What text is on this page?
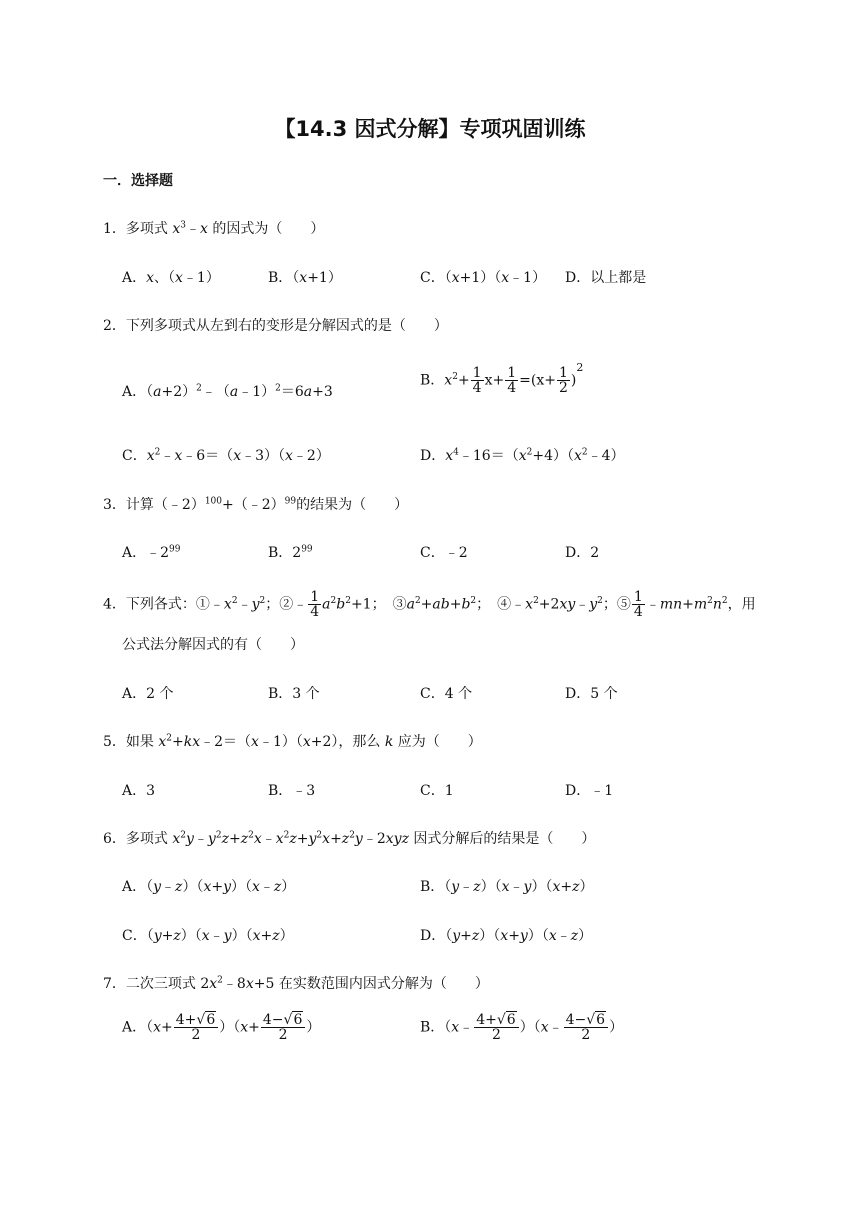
【14.3 因式分解】专项巩固训练
一．选择题
1．多项式 $x^3﹣x$ 的因式为（　　）
A．x、（x﹣1）	B．（x+1）	C．（x+1）（x﹣1） D．以上都是
2．下列多项式从左到右的变形是分解因式的是（　　）
A．$(a+2)^2﹣(a﹣1)^2=6a+3$
B．$x^2+ \frac{1}{4} x+ \frac{1}{4} =(x+ \frac{1}{2} )^2$
C．$x^2﹣x﹣6=(x﹣3)(x﹣2)$	D．$x^4﹣16=(x^2+4)(x^2﹣4)$
3．计算（﹣2）$^{100}$+（﹣2）$^{99}$的结果为（　　）
A．$﹣2^{99}$	B．$2^{99}$	C．﹣2	D．2
4．下列各式：$①﹣x^2﹣y^2$；②﹣ $\frac{1}{4} a^2b^2+1$；　$③a^2+ab+b^2$；　$④﹣x^2+2xy﹣y^2$；⑤ $\frac{1}{4}$ $﹣mn+m^2n^2$，用
公式法分解因式的有（　　）
A．2 个	B．3 个	C．4 个	D．5 个
5．如果 $x^2+kx﹣2=(x﹣1)(x+2)$，那么 k 应为（　　）
A．3	B．﹣3	C．1	D．﹣1
6．多项式 $x^2y﹣y^2z+z^2x﹣x^2z+y^2x+z^2y﹣2xyz$ 因式分解后的结果是（　　）
A．（y﹣z）（x+y）（x﹣z）	B．（y﹣z）（x﹣y）（x+z）
C．（y+z）（x﹣y）（x+z）	D．（y+z）（x+y）（x﹣z）
7．二次三项式 $2x^2﹣8x+5$ 在实数范围内因式分解为（　　）
A．$(x+ \frac{4+√6}{2} )(x+ \frac{4-√6}{2}$ ）	B．（x﹣ $\frac{4+√6}{2}$ ）（x﹣ $\frac{4-√6}{2}$ ）
